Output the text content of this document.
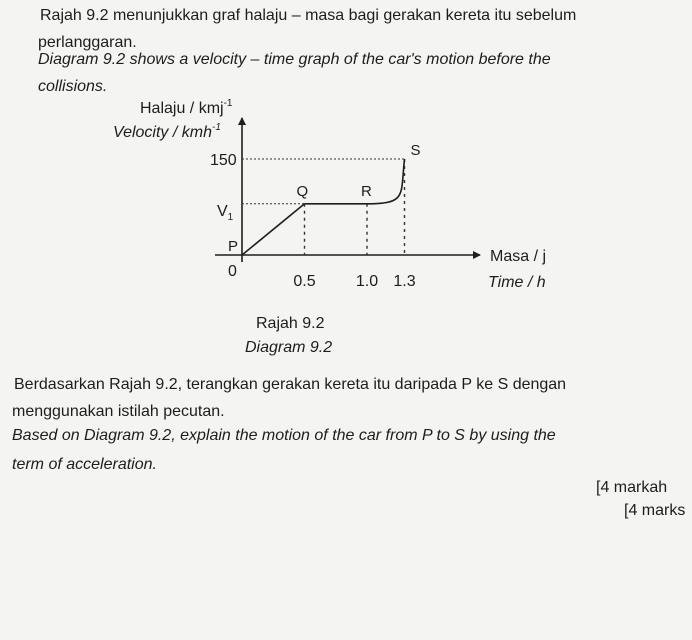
Rajah 9.2 menunjukkan graf halaju – masa bagi gerakan kereta itu sebelum
perlanggaran.
Diagram 9.2 shows a velocity – time graph of the car's motion before the
collisions.
Halaju / kmj$^{-1}$
Velocity / kmh$^{-1}$
Masa / j
Time / h
150
$V_1$
0
0.5	1.0 1.3
P
Q	R
S
Rajah 9.2
Diagram 9.2
Berdasarkan Rajah 9.2, terangkan gerakan kereta itu daripada P ke S dengan
menggunakan istilah pecutan.
Based on Diagram 9.2, explain the motion of the car from P to S by using the
term of acceleration.
[4 markah
[4 marks
